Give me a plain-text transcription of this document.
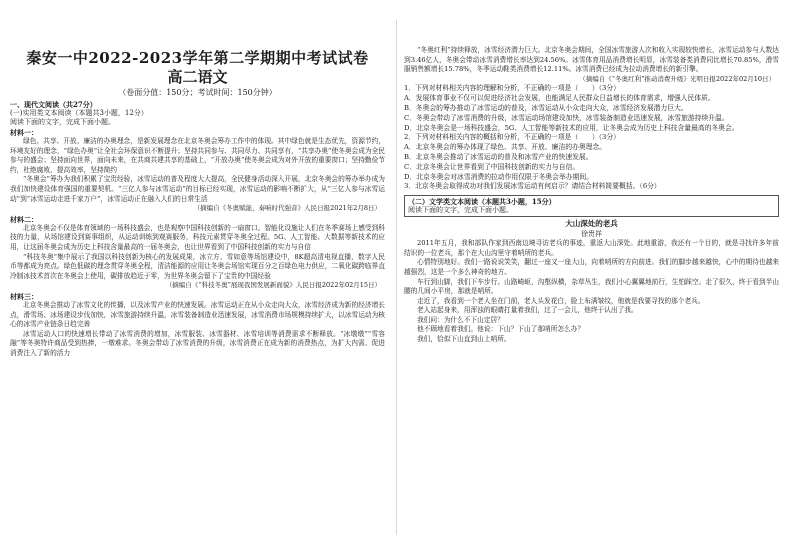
秦安一中2022-2023学年第二学期期中考试试卷
高二语文
（卷面分值：150分；考试时间：150分钟）
一、现代文阅读（共27分）
(一)实用类文本阅读（本题共3小题，12分）
阅读下面的文字，完成下面小题。
材料一：

绿色、共享、开放、廉洁的办奥理念，是新发展理念在北京冬奥会筹办工作中的体现。其中绿色就是生态优先，资源节约，环境友好的理念，“绿色办奥”让全社会环保意识不断提升；坚持共同参与、共同尽力、共同享有，“共享办奥”使冬奥会成为全民参与的盛会；坚持面向世界，面向未来，在共商共建共享的基础上，“开放办奥”使冬奥会成为对外开放的重要窗口；坚持勤俭节约，杜绝腐败，提高效率，坚持简约

“冬奥会”筹办为我们积累了宝贵经验，冰雪运动的普及程度大大提高，全民健身活动深入开展，北京冬奥会的筹办举办成为我们加快建设体育强国的重要契机。“三亿人参与冰雪运动”的目标已经实现，冰雪运动的影响不断扩大，从“三亿人参与冰雪运动”到“冰雪运动走进千家万户”，冰雪运动正在融入人们的日常生活

（摘编自《冬奥赋能，奏响时代强音》人民日报2021年2月8日）
材料二：

北京冬奥会不仅是体育领域的一场科技盛会，也是观察中国科技创新的一扇窗口。智能化设施让人们在冬季赛场上感受到科技的力量，从场馆建设到赛事组织，从运动训练到观赛服务，科技元素贯穿冬奥全过程。5G、人工智能、大数据等新技术的应用，让这届冬奥会成为历史上科技含量最高的一届冬奥会，也让世界看到了中国科技创新的实力与自信

“科技冬奥”集中展示了我国以科技创新为核心的发展成果，冰立方、雪如意等场馆建设中，8K超高清电视直播，数字人民币等都成为亮点。绿色低碳的理念贯穿冬奥全程，清洁能源的应用让冬奥会场馆实现百分之百绿色电力供应，二氧化碳跨临界直冷制冰技术首次在冬奥会上使用，碳排放趋近于零，为世界冬奥会留下了宝贵的中国经验

（摘编自《“科技冬奥”展现我国发展新面貌》人民日报2022年02月15日）
材料三：

北京冬奥会推动了冰雪文化的传播，以及冰雪产业的快速发展。冰雪运动正在从小众走向大众，冰雪经济成为新的经济增长点，滑雪场、冰场建设步伐加快，冰雪旅游持续升温，冰雪装备制造业迅速发展，冰雪消费市场规模持续扩大，以冰雪运动为核心的冰雪产业链条日趋完善

冰雪运动人口的快速增长带动了冰雪消费的增加，冰雪服装、冰雪器材、冰雪培训等消费需求不断释放。“冰墩墩”“雪容融”等冬奥特许商品受到热捧，一墩难求。冬奥会带动了冰雪消费的升级，冰雪消费正在成为新的消费热点，为扩大内需、促进消费注入了新的活力

“冬奥红利”持续释放，冰雪经济潜力巨大。北京冬奥会期间，全国冰雪旅游人次和收入实现较快增长，冰雪运动参与人数达到3.46亿人，冬奥会带动冰雪消费增长率达到24.56%。冰雪体育用品消费增长明显，冰雪装备类消费同比增长70.85%，滑雪服销售额增长15.78%，冬季运动鞋类消费增长12.11%。冰雪消费已经成为拉动消费增长的新引擎。

（摘编自《“冬奥红利”推动消费升级》光明日报2022年02月10日）

1．下列对材料相关内容的理解和分析，不正确的一项是（　　）（3分）

A．发展体育事业不仅可以促进经济社会发展，也能满足人民群众日益增长的体育需求，增强人民体质。

B．冬奥会的筹办推动了冰雪运动的普及，冰雪运动从小众走向大众，冰雪经济发展潜力巨大。

C．冬奥会带动了冰雪消费的升级，冰雪运动场馆建设加快，冰雪装备制造业迅速发展，冰雪旅游持续升温。

D．北京冬奥会是一场科技盛会，5G、人工智能等新技术的应用，让冬奥会成为历史上科技含量最高的冬奥会。

2．下列对材料相关内容的概括和分析，不正确的一项是（　　）（3分）

A．北京冬奥会的筹办体现了绿色、共享、开放、廉洁的办奥理念。

B．北京冬奥会推动了冰雪运动的普及和冰雪产业的快速发展。

C．北京冬奥会让世界看到了中国科技创新的实力与自信。

D．北京冬奥会对冰雪消费的拉动作用仅限于冬奥会举办期间。

3．北京冬奥会取得成功对我们发展冰雪运动有何启示？请结合材料简要概括。（6分）

（二）文学类文本阅读（本题共3小题，15分）
阅读下面的文字，完成下面小题。
大山深处的老兵
徐贵祥

2011年五月，我和部队作家到西南边境寻访老兵的事迹，重返大山深处。此地重游，我还有一个目的，就是寻找许多年前结识的一位老兵，那个在大山沟里守着哨所的老兵。

心情特别地好。我们一路说说笑笑，翻过一座又一座大山，向着哨所的方向前进。我们的脚步越来越快，心中的期待也越来越强烈，这是一个多么神奇的地方。

车行到山脚，我们下车步行。山路崎岖，沟壑纵横，杂草丛生，我们小心翼翼地前行，生怕踩空。走了很久，终于看到半山腰的几间小平房，那就是哨所。

走近了，我看到一个老人坐在门前，老人头发花白，脸上布满皱纹，他就是我要寻找的那个老兵。

老人站起身来，用浑浊的眼睛打量着我们，过了一会儿，他终于认出了我。

我们问：为什么不下山定居？

他不顾地看着我们。他说：下山？下山了那哨所怎么办？

我们，恰似下山直到山上哨所。
